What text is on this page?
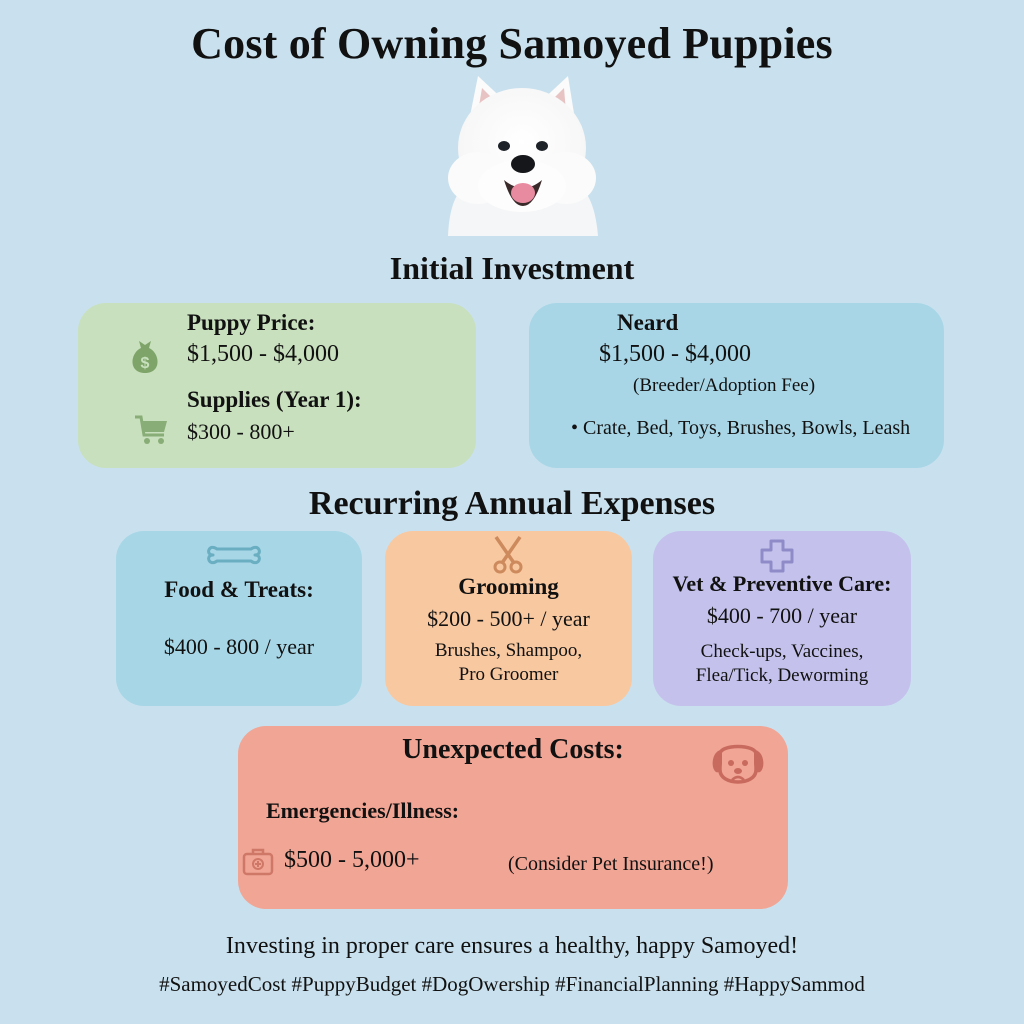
Cost of Owning Samoyed Puppies
Initial Investment
$
Puppy Price:
$1,500 - $4,000
Supplies (Year 1):
$300 - 800+
Neard
$1,500 - $4,000
(Breeder/Adoption Fee)
• Crate, Bed, Toys, Brushes, Bowls, Leash
Recurring Annual Expenses
Food & Treats:
$400 - 800 / year
Grooming
$200 - 500+ / year
Brushes, Shampoo,
Pro Groomer
Vet & Preventive Care:
$400 - 700 / year
Check-ups, Vaccines,
Flea/Tick, Deworming
Unexpected Costs:
Emergencies/Illness:
$500 - 5,000+	(Consider Pet Insurance!)
Investing in proper care ensures a healthy, happy Samoyed!
#SamoyedCost #PuppyBudget #DogOwership #FinancialPlanning #HappySammod
